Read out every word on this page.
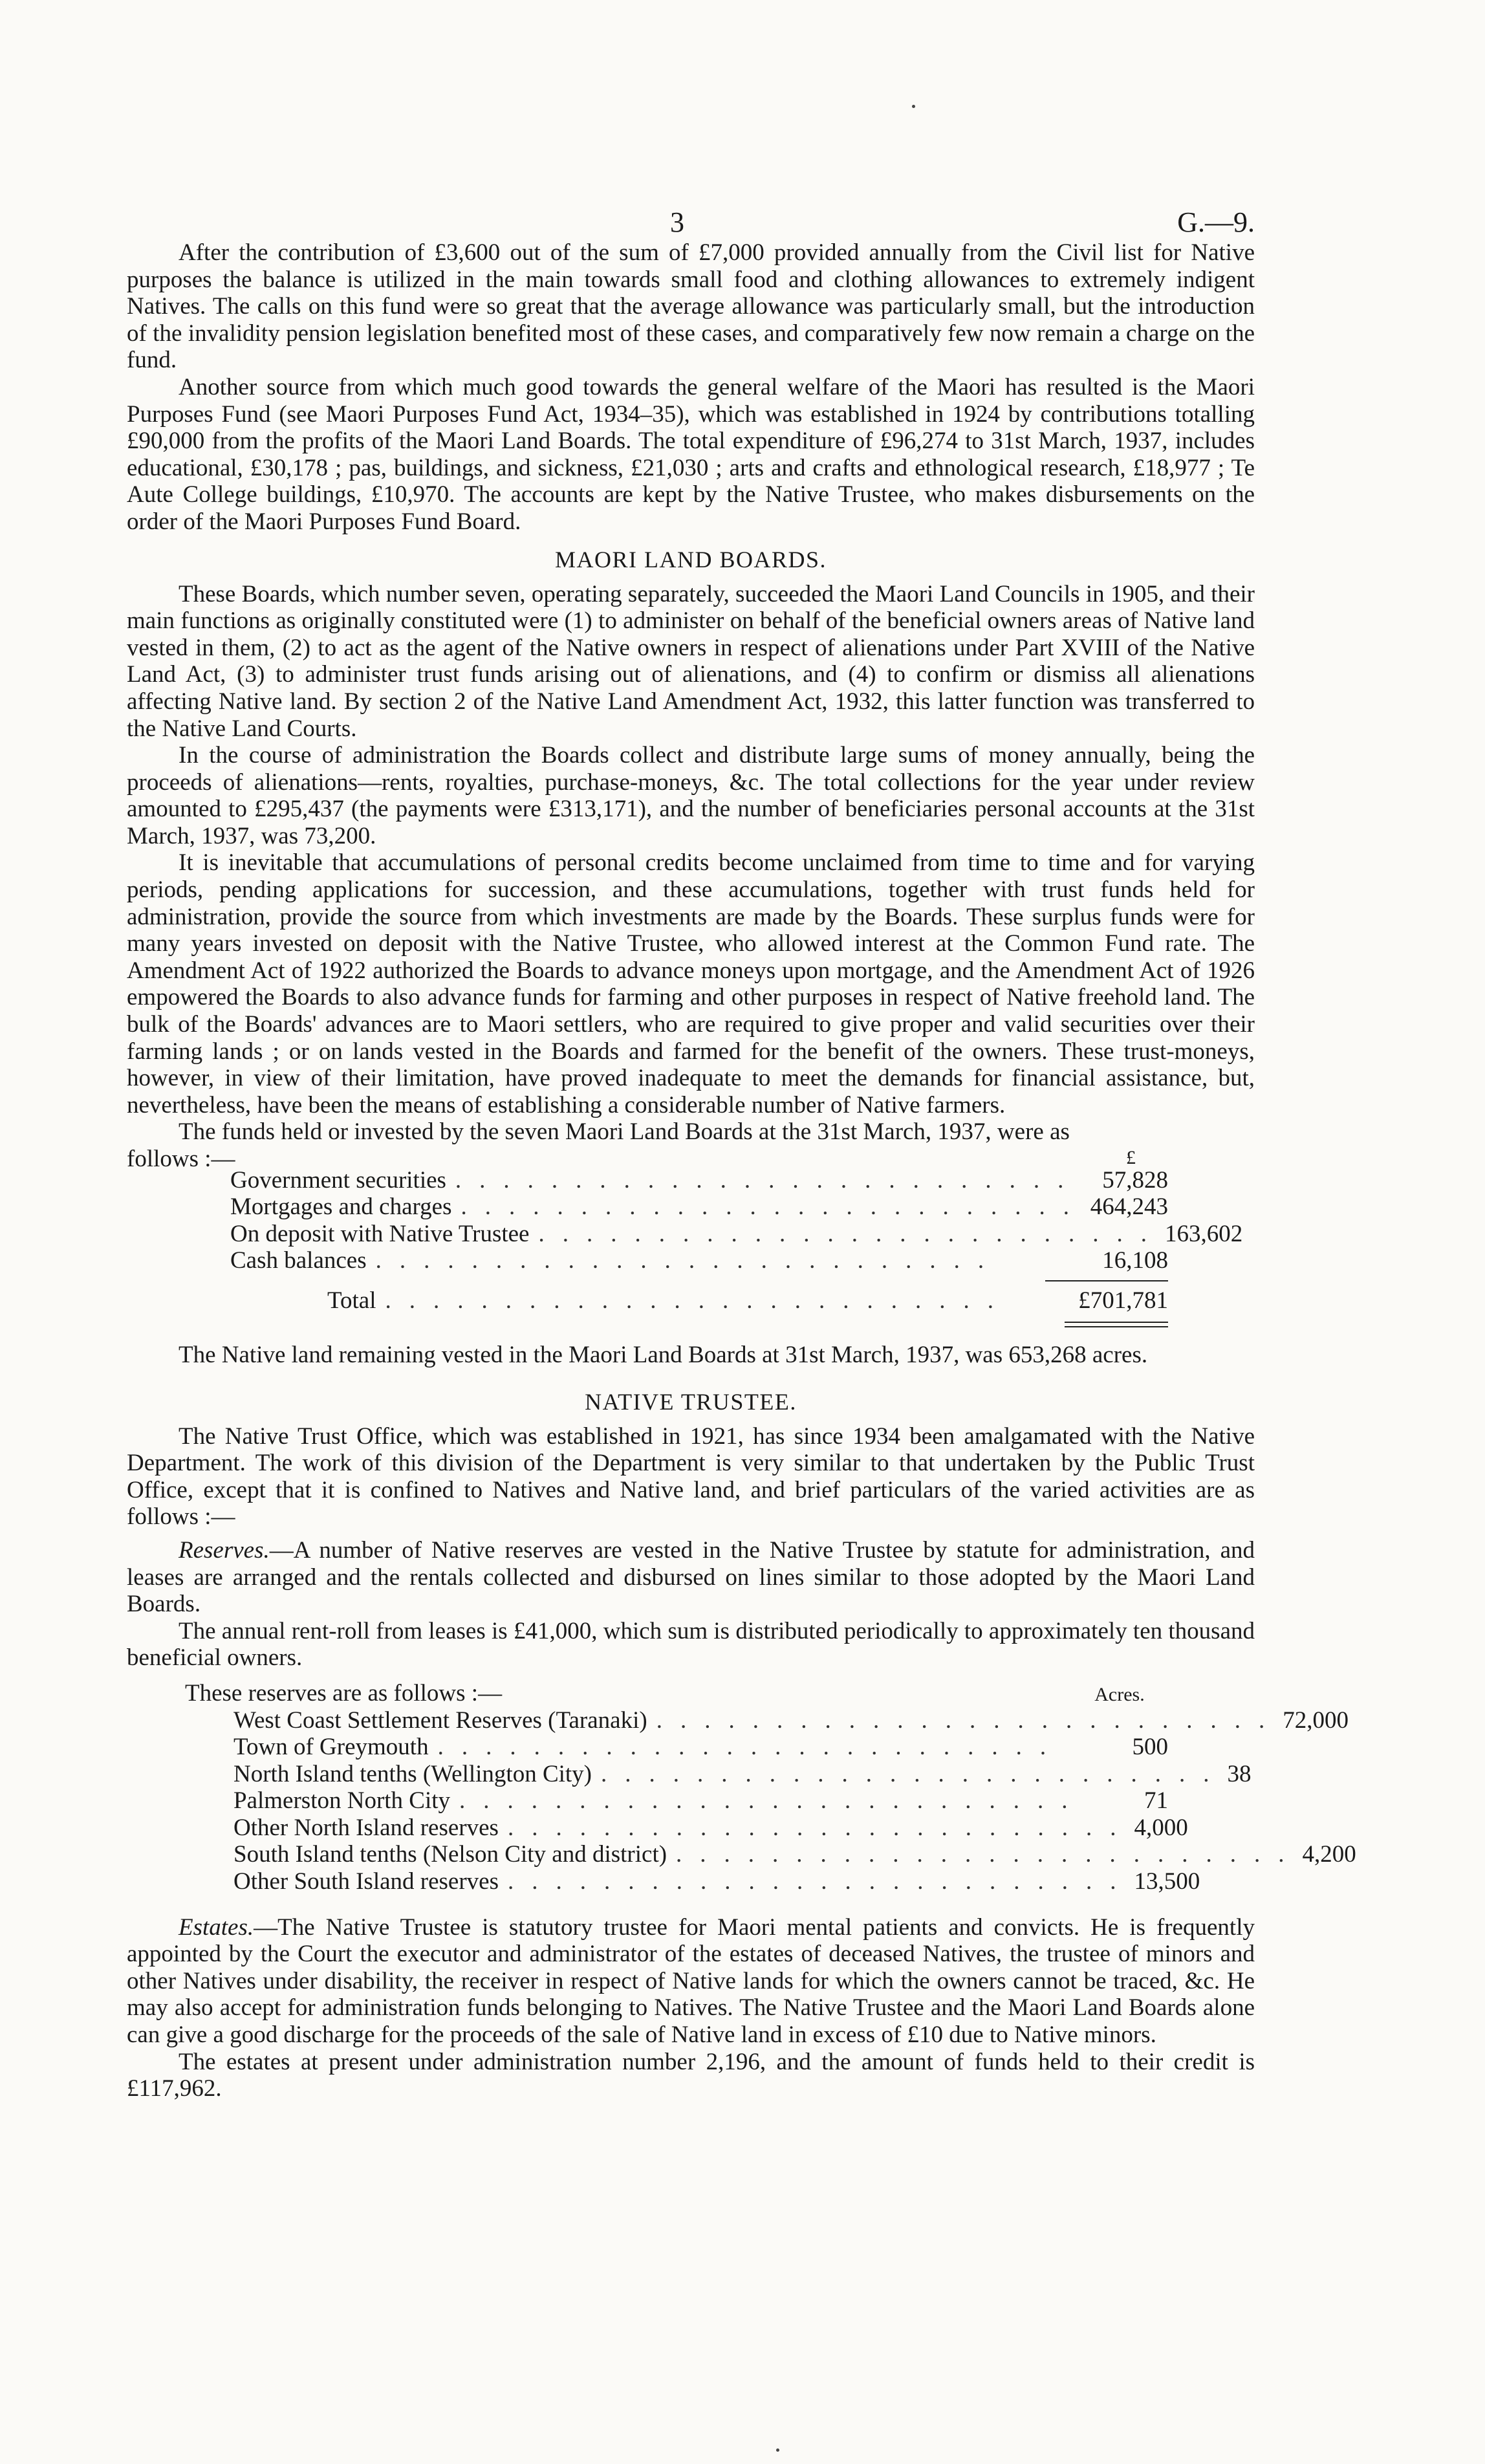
3	G.—9.

After the contribution of £3,600 out of the sum of £7,000 provided annually from the Civil list for Native purposes the balance is utilized in the main towards small food and clothing allowances to extremely indigent Natives. The calls on this fund were so great that the average allowance was particularly small, but the introduction of the invalidity pension legislation benefited most of these cases, and comparatively few now remain a charge on the fund.

Another source from which much good towards the general welfare of the Maori has resulted is the Maori Purposes Fund (see Maori Purposes Fund Act, 1934–35), which was established in 1924 by contributions totalling £90,000 from the profits of the Maori Land Boards. The total expenditure of £96,274 to 31st March, 1937, includes educational, £30,178 ; pas, buildings, and sickness, £21,030 ; arts and crafts and ethnological research, £18,977 ; Te Aute College buildings, £10,970. The accounts are kept by the Native Trustee, who makes disbursements on the order of the Maori Purposes Fund Board.

MAORI LAND BOARDS.

These Boards, which number seven, operating separately, succeeded the Maori Land Councils in 1905, and their main functions as originally constituted were (1) to administer on behalf of the beneficial owners areas of Native land vested in them, (2) to act as the agent of the Native owners in respect of alienations under Part XVIII of the Native Land Act, (3) to administer trust funds arising out of alienations, and (4) to confirm or dismiss all alienations affecting Native land. By section 2 of the Native Land Amendment Act, 1932, this latter function was transferred to the Native Land Courts.

In the course of administration the Boards collect and distribute large sums of money annually, being the proceeds of alienations—rents, royalties, purchase-moneys, &c. The total collections for the year under review amounted to £295,437 (the payments were £313,171), and the number of beneficiaries personal accounts at the 31st March, 1937, was 73,200.

It is inevitable that accumulations of personal credits become unclaimed from time to time and for varying periods, pending applications for succession, and these accumulations, together with trust funds held for administration, provide the source from which investments are made by the Boards. These surplus funds were for many years invested on deposit with the Native Trustee, who allowed interest at the Common Fund rate. The Amendment Act of 1922 authorized the Boards to advance moneys upon mortgage, and the Amendment Act of 1926 empowered the Boards to also advance funds for farming and other purposes in respect of Native freehold land. The bulk of the Boards' advances are to Maori settlers, who are required to give proper and valid securities over their farming lands ; or on lands vested in the Boards and farmed for the benefit of the owners. These trust-moneys, however, in view of their limitation, have proved inadequate to meet the demands for financial assistance, but, nevertheless, have been the means of establishing a considerable number of Native farmers.

The funds held or invested by the seven Maori Land Boards at the 31st March, 1937, were as

follows :—	£
Government securities .......................... 57,828
Mortgages and charges .......................... 464,243
On deposit with Native Trustee .......................... 163,602
Cash balances ..........................	16,108
Total ..........................	£701,781

The Native land remaining vested in the Maori Land Boards at 31st March, 1937, was 653,268 acres.

NATIVE TRUSTEE.

The Native Trust Office, which was established in 1921, has since 1934 been amalgamated with the Native Department. The work of this division of the Department is very similar to that undertaken by the Public Trust Office, except that it is confined to Natives and Native land, and brief particulars of the varied activities are as follows :—

Reserves.—A number of Native reserves are vested in the Native Trustee by statute for administration, and leases are arranged and the rentals collected and disbursed on lines similar to those adopted by the Maori Land Boards.

The annual rent-roll from leases is £41,000, which sum is distributed periodically to approximately ten thousand beneficial owners.

These reserves are as follows :—	Acres.
West Coast Settlement Reserves (Taranaki) .......................... 72,000
Town of Greymouth ..........................	500
North Island tenths (Wellington City) .......................... 38
Palmerston North City ..........................	71
Other North Island reserves .......................... 4,000
South Island tenths (Nelson City and district) .......................... 4,200
Other South Island reserves .......................... 13,500

Estates.—The Native Trustee is statutory trustee for Maori mental patients and convicts. He is frequently appointed by the Court the executor and administrator of the estates of deceased Natives, the trustee of minors and other Natives under disability, the receiver in respect of Native lands for which the owners cannot be traced, &c. He may also accept for administration funds belonging to Natives. The Native Trustee and the Maori Land Boards alone can give a good discharge for the proceeds of the sale of Native land in excess of £10 due to Native minors.

The estates at present under administration number 2,196, and the amount of funds held to their credit is £117,962.
